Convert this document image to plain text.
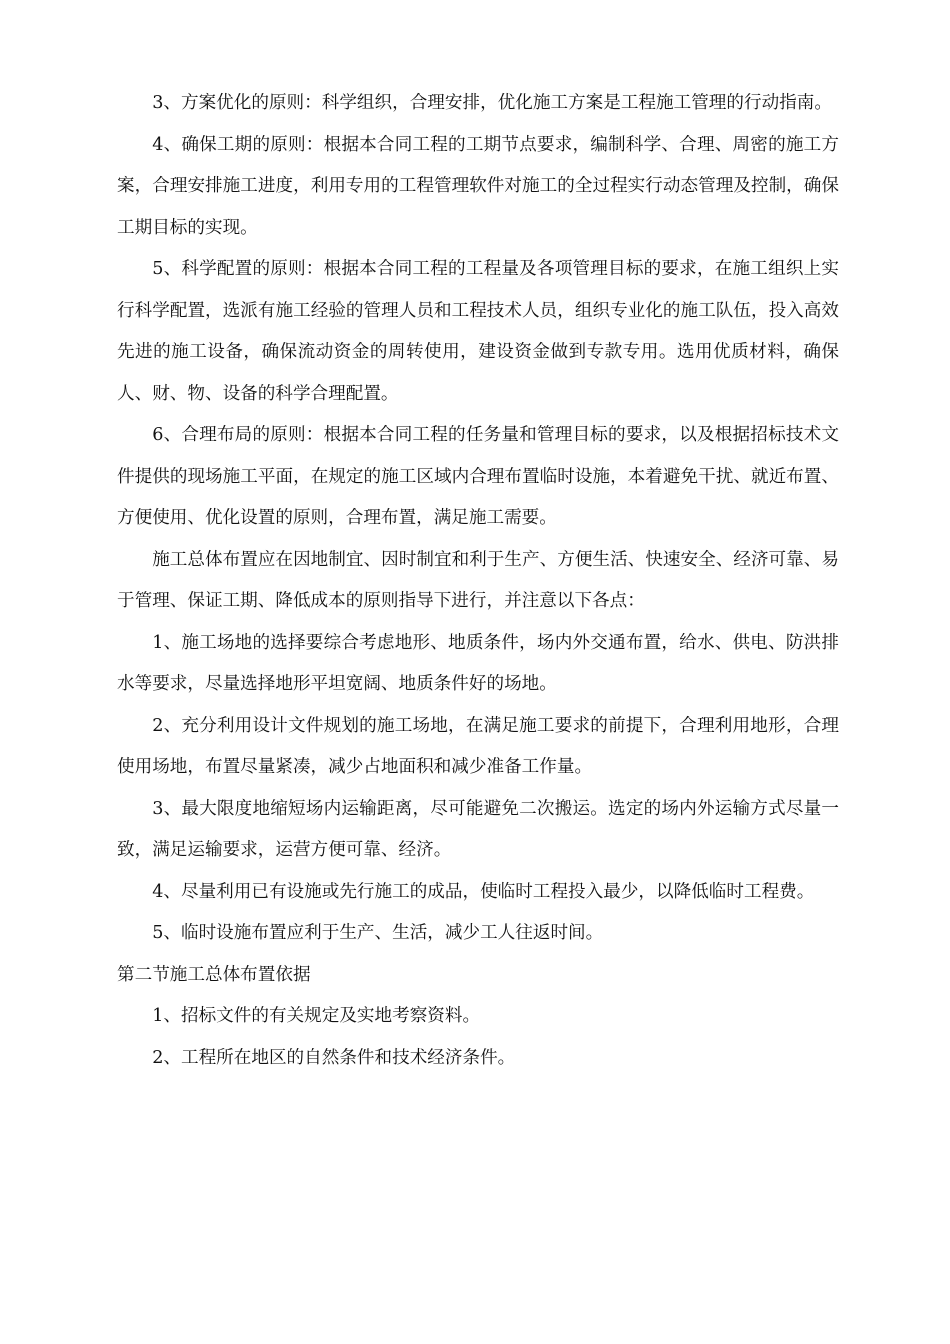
3、方案优化的原则：科学组织，合理安排，优化施工方案是工程施工管理的行动指南。

4、确保工期的原则：根据本合同工程的工期节点要求，编制科学、合理、周密的施工方案，合理安排施工进度，利用专用的工程管理软件对施工的全过程实行动态管理及控制，确保工期目标的实现。

5、科学配置的原则：根据本合同工程的工程量及各项管理目标的要求，在施工组织上实行科学配置，选派有施工经验的管理人员和工程技术人员，组织专业化的施工队伍，投入高效先进的施工设备，确保流动资金的周转使用，建设资金做到专款专用。选用优质材料，确保人、财、物、设备的科学合理配置。

6、合理布局的原则：根据本合同工程的任务量和管理目标的要求，以及根据招标技术文件提供的现场施工平面，在规定的施工区域内合理布置临时设施，本着避免干扰、就近布置、方便使用、优化设置的原则，合理布置，满足施工需要。

施工总体布置应在因地制宜、因时制宜和利于生产、方便生活、快速安全、经济可靠、易于管理、保证工期、降低成本的原则指导下进行，并注意以下各点：

1、施工场地的选择要综合考虑地形、地质条件，场内外交通布置，给水、供电、防洪排水等要求，尽量选择地形平坦宽阔、地质条件好的场地。

2、充分利用设计文件规划的施工场地，在满足施工要求的前提下，合理利用地形，合理使用场地，布置尽量紧凑，减少占地面积和减少准备工作量。

3、最大限度地缩短场内运输距离，尽可能避免二次搬运。选定的场内外运输方式尽量一致，满足运输要求，运营方便可靠、经济。

4、尽量利用已有设施或先行施工的成品，使临时工程投入最少，以降低临时工程费。

5、临时设施布置应利于生产、生活，减少工人往返时间。

第二节施工总体布置依据

1、招标文件的有关规定及实地考察资料。

2、工程所在地区的自然条件和技术经济条件。
